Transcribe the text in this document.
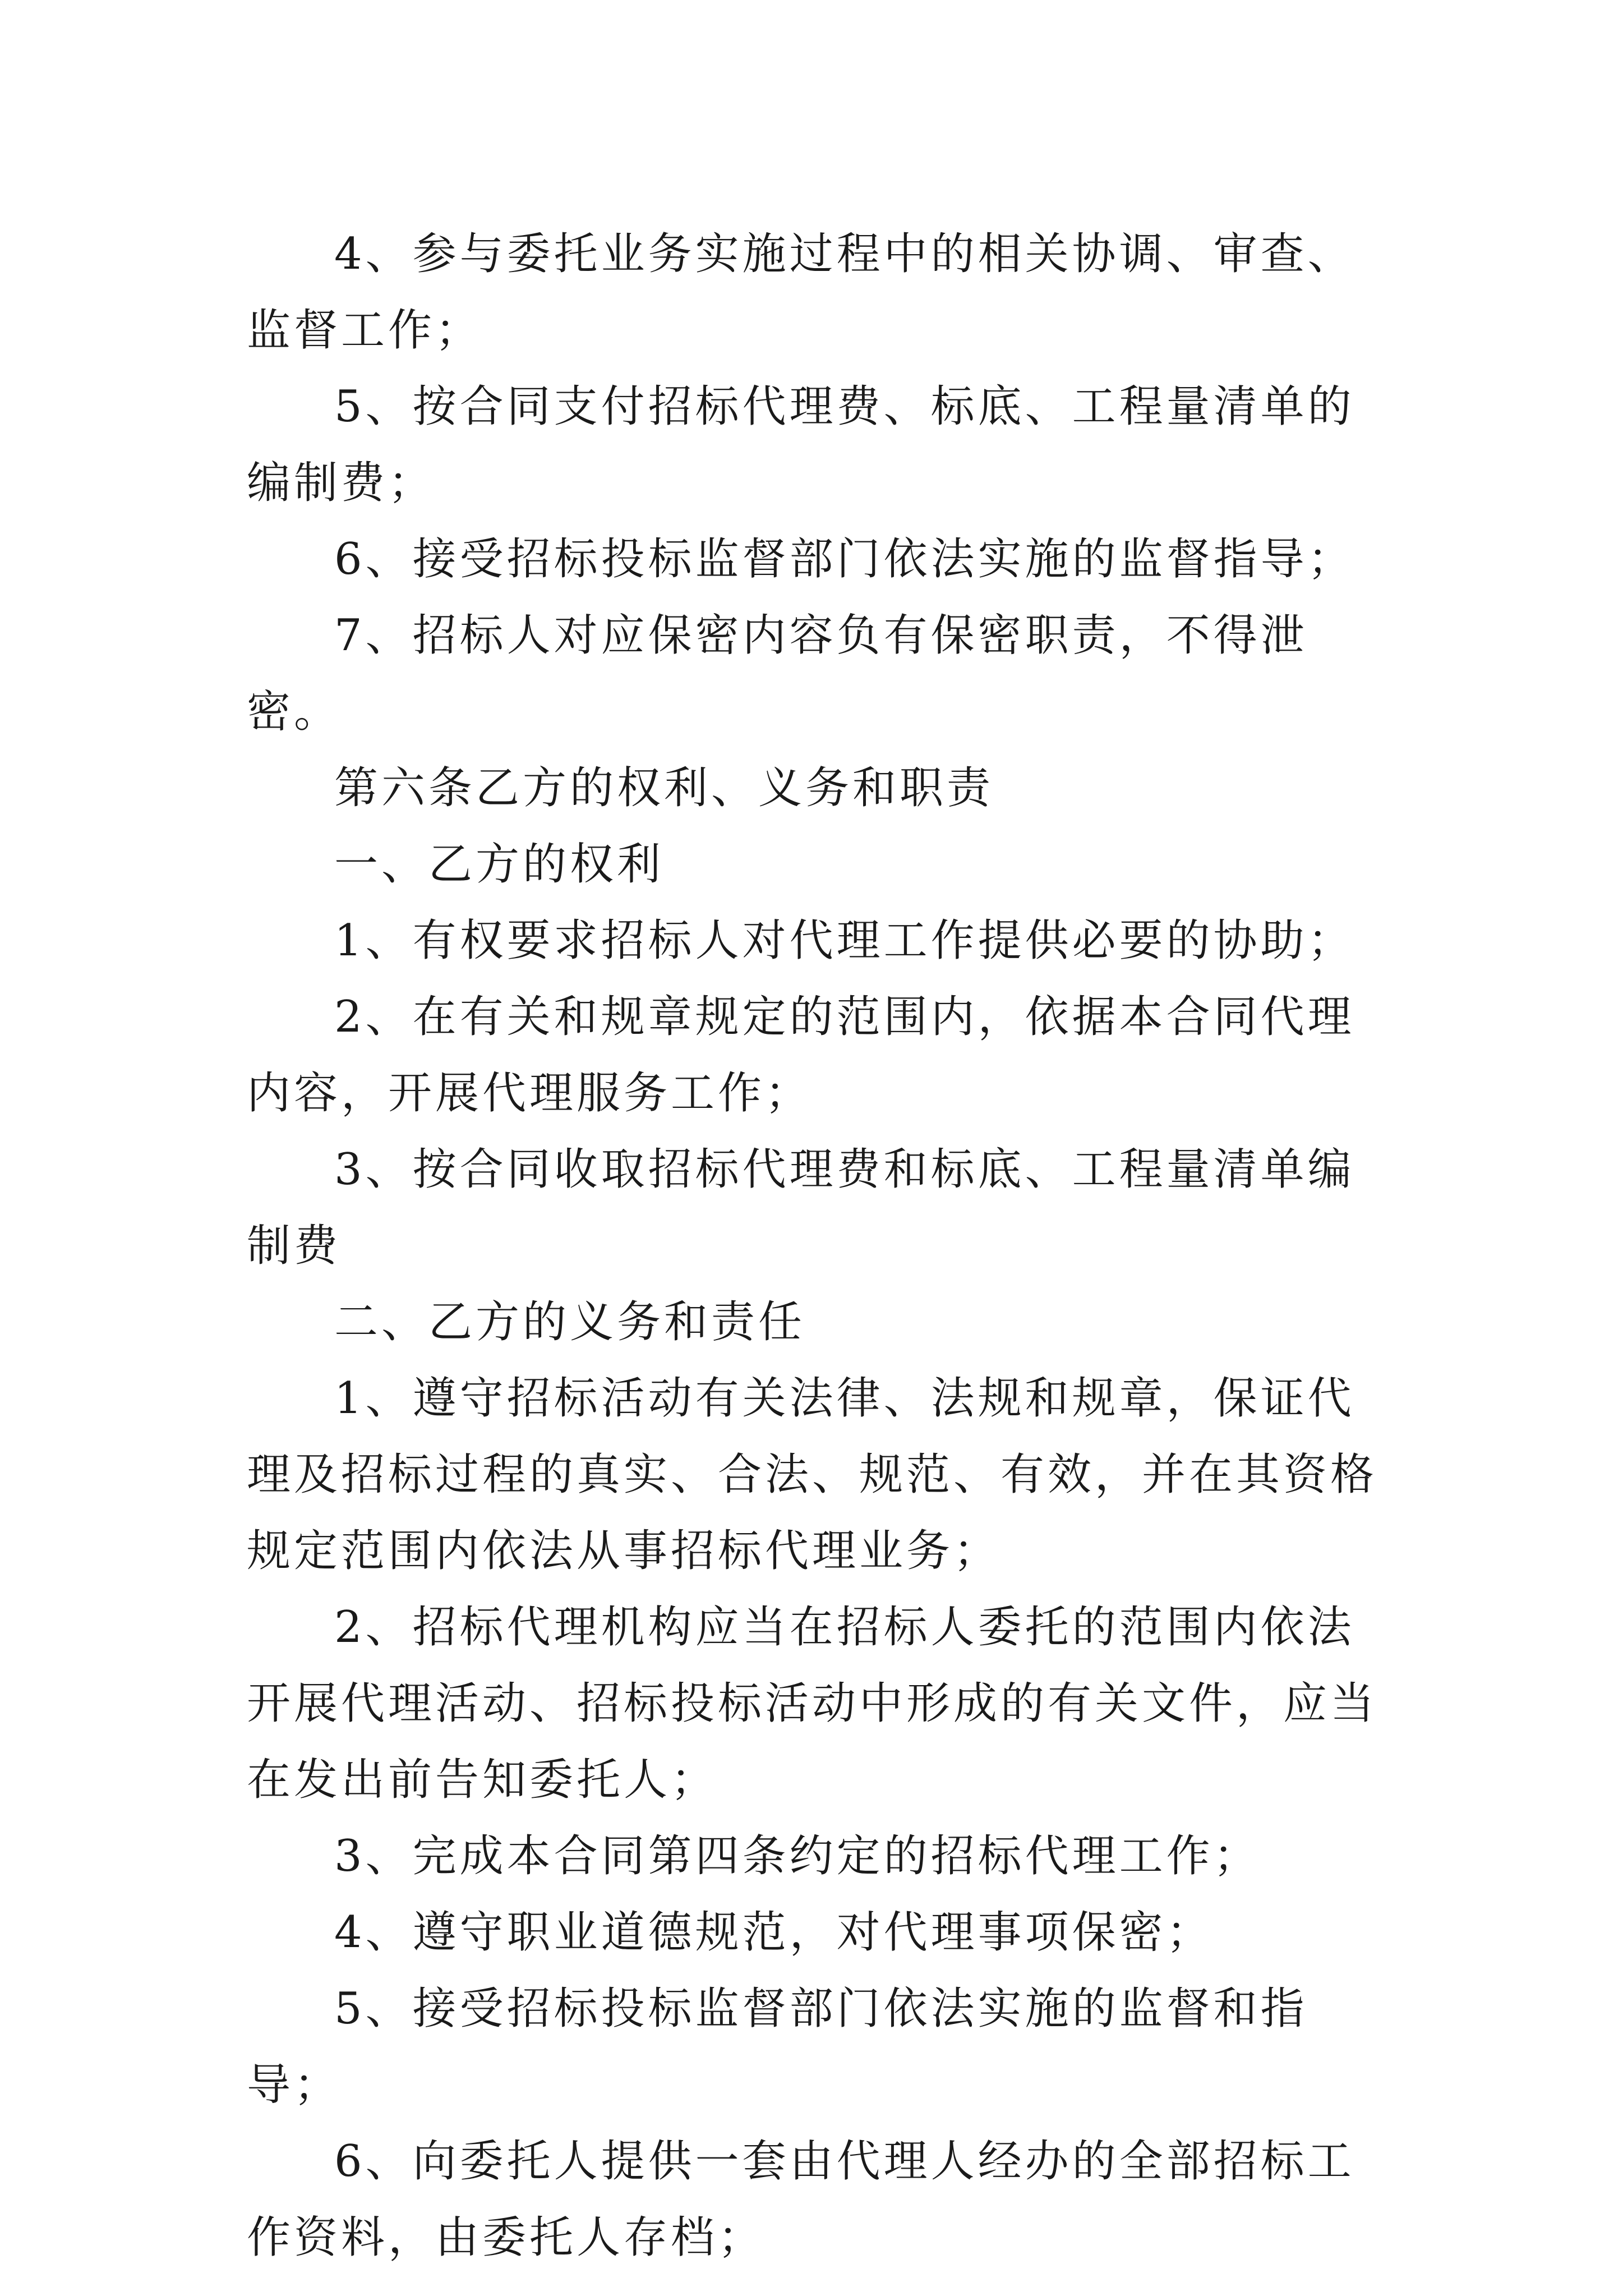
4、参与委托业务实施过程中的相关协调、审查、监督工作；

5、按合同支付招标代理费、标底、工程量清单的编制费；

6、接受招标投标监督部门依法实施的监督指导；

7、招标人对应保密内容负有保密职责，不得泄密。

第六条乙方的权利、义务和职责

一、乙方的权利

1、有权要求招标人对代理工作提供必要的协助；

2、在有关和规章规定的范围内，依据本合同代理内容，开展代理服务工作；

3、按合同收取招标代理费和标底、工程量清单编制费

二、乙方的义务和责任

1、遵守招标活动有关法律、法规和规章，保证代理及招标过程的真实、合法、规范、有效，并在其资格规定范围内依法从事招标代理业务；

2、招标代理机构应当在招标人委托的范围内依法开展代理活动、招标投标活动中形成的有关文件，应当在发出前告知委托人；

3、完成本合同第四条约定的招标代理工作；

4、遵守职业道德规范，对代理事项保密；

5、接受招标投标监督部门依法实施的监督和指导；

6、向委托人提供一套由代理人经办的全部招标工作资料，由委托人存档；
